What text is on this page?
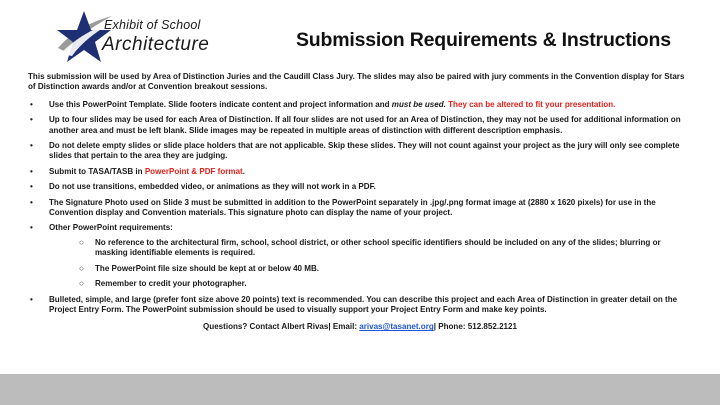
Exhibit of School
Architecture	Submission Requirements & Instructions

This submission will be used by Area of Distinction Juries and the Caudill Class Jury. The slides may also be paired with jury comments in the Convention display for Stars of Distinction awards and/or at Convention breakout sessions.

• Use this PowerPoint Template. Slide footers indicate content and project information and must be used. They can be altered to fit your presentation.
• Up to four slides may be used for each Area of Distinction. If all four slides are not used for an Area of Distinction, they may not be used for additional information on another area and must be left blank. Slide images may be repeated in multiple areas of distinction with different description emphasis.
• Do not delete empty slides or slide place holders that are not applicable. Skip these slides. They will not count against your project as the jury will only see complete slides that pertain to the area they are judging.
• Submit to TASA/TASB in PowerPoint & PDF format.
• Do not use transitions, embedded video, or animations as they will not work in a PDF.
• The Signature Photo used on Slide 3 must be submitted in addition to the PowerPoint separately in .jpg/.png format image at (2880 x 1620 pixels) for use in the Convention display and Convention materials. This signature photo can display the name of your project.
• Other PowerPoint requirements:
○ No reference to the architectural firm, school, school district, or other school specific identifiers should be included on any of the slides; blurring or masking identifiable elements is required.
○ The PowerPoint file size should be kept at or below 40 MB.
○ Remember to credit your photographer.
• Bulleted, simple, and large (prefer font size above 20 points) text is recommended. You can describe this project and each Area of Distinction in greater detail on the Project Entry Form. The PowerPoint submission should be used to visually support your Project Entry Form and make key points.
Questions? Contact Albert Rivas| Email: arivas@tasanet.org| Phone: 512.852.2121
